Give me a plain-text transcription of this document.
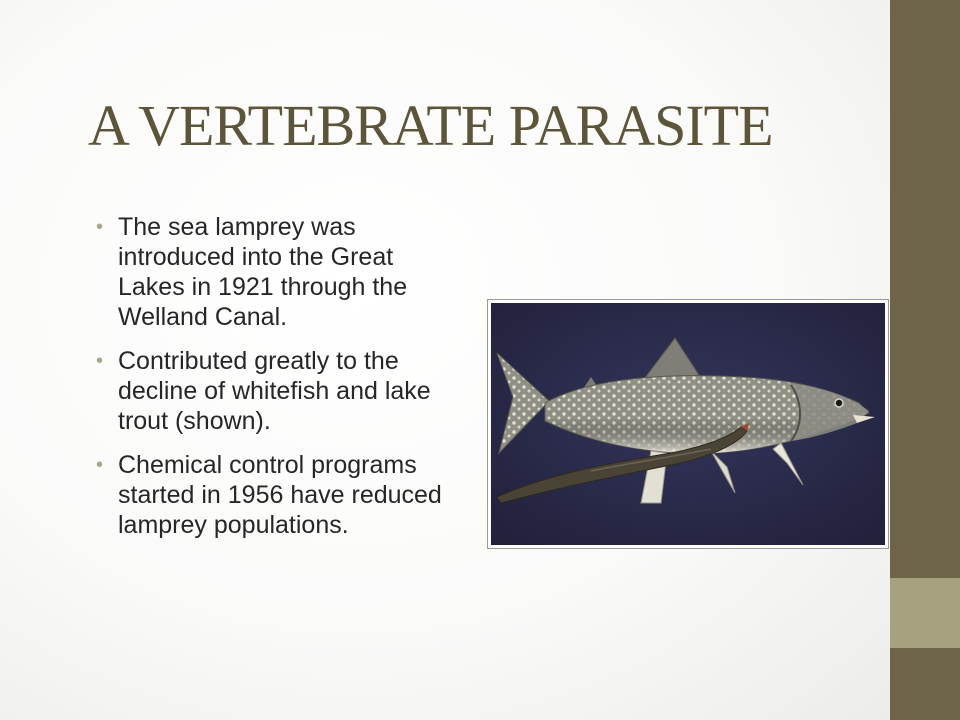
A VERTEBRATE PARASITE
• The sea lamprey was introduced into the Great Lakes in 1921 through the Welland Canal.
• Contributed greatly to the decline of whitefish and lake trout (shown).
• Chemical control programs started in 1956 have reduced lamprey populations.
